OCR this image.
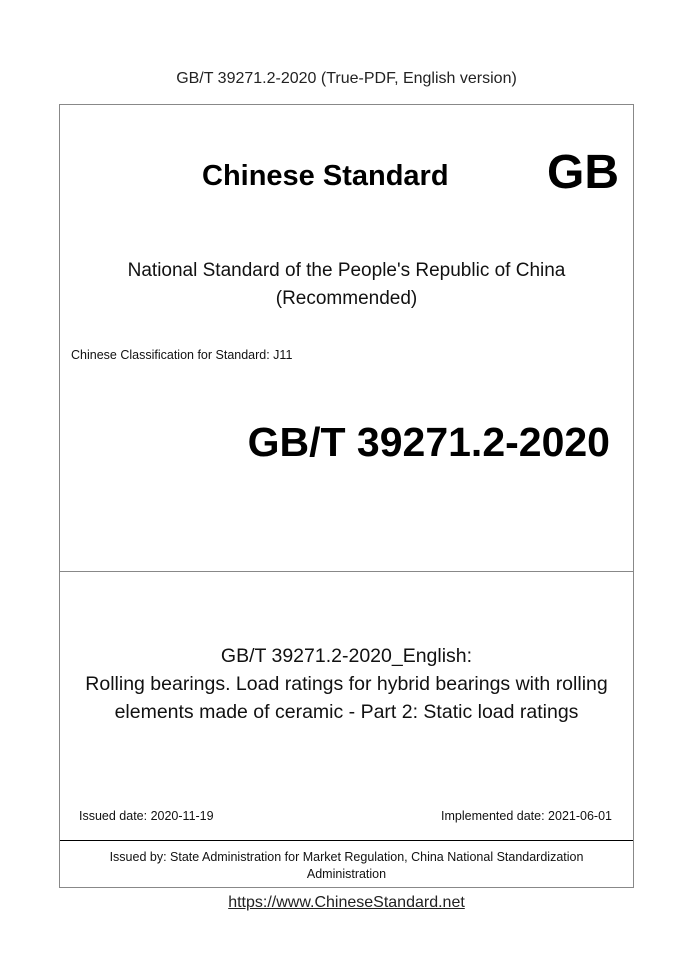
GB/T 39271.2-2020 (True-PDF, English version)
Chinese Standard GB
National Standard of the People's Republic of China
(Recommended)
Chinese Classification for Standard: J11
GB/T 39271.2-2020
GB/T 39271.2-2020_English:
Rolling bearings. Load ratings for hybrid bearings with rolling
elements made of ceramic - Part 2: Static load ratings
Issued date: 2020-11-19	Implemented date: 2021-06-01
Issued by: State Administration for Market Regulation, China National Standardization
Administration
https://www.ChineseStandard.net
